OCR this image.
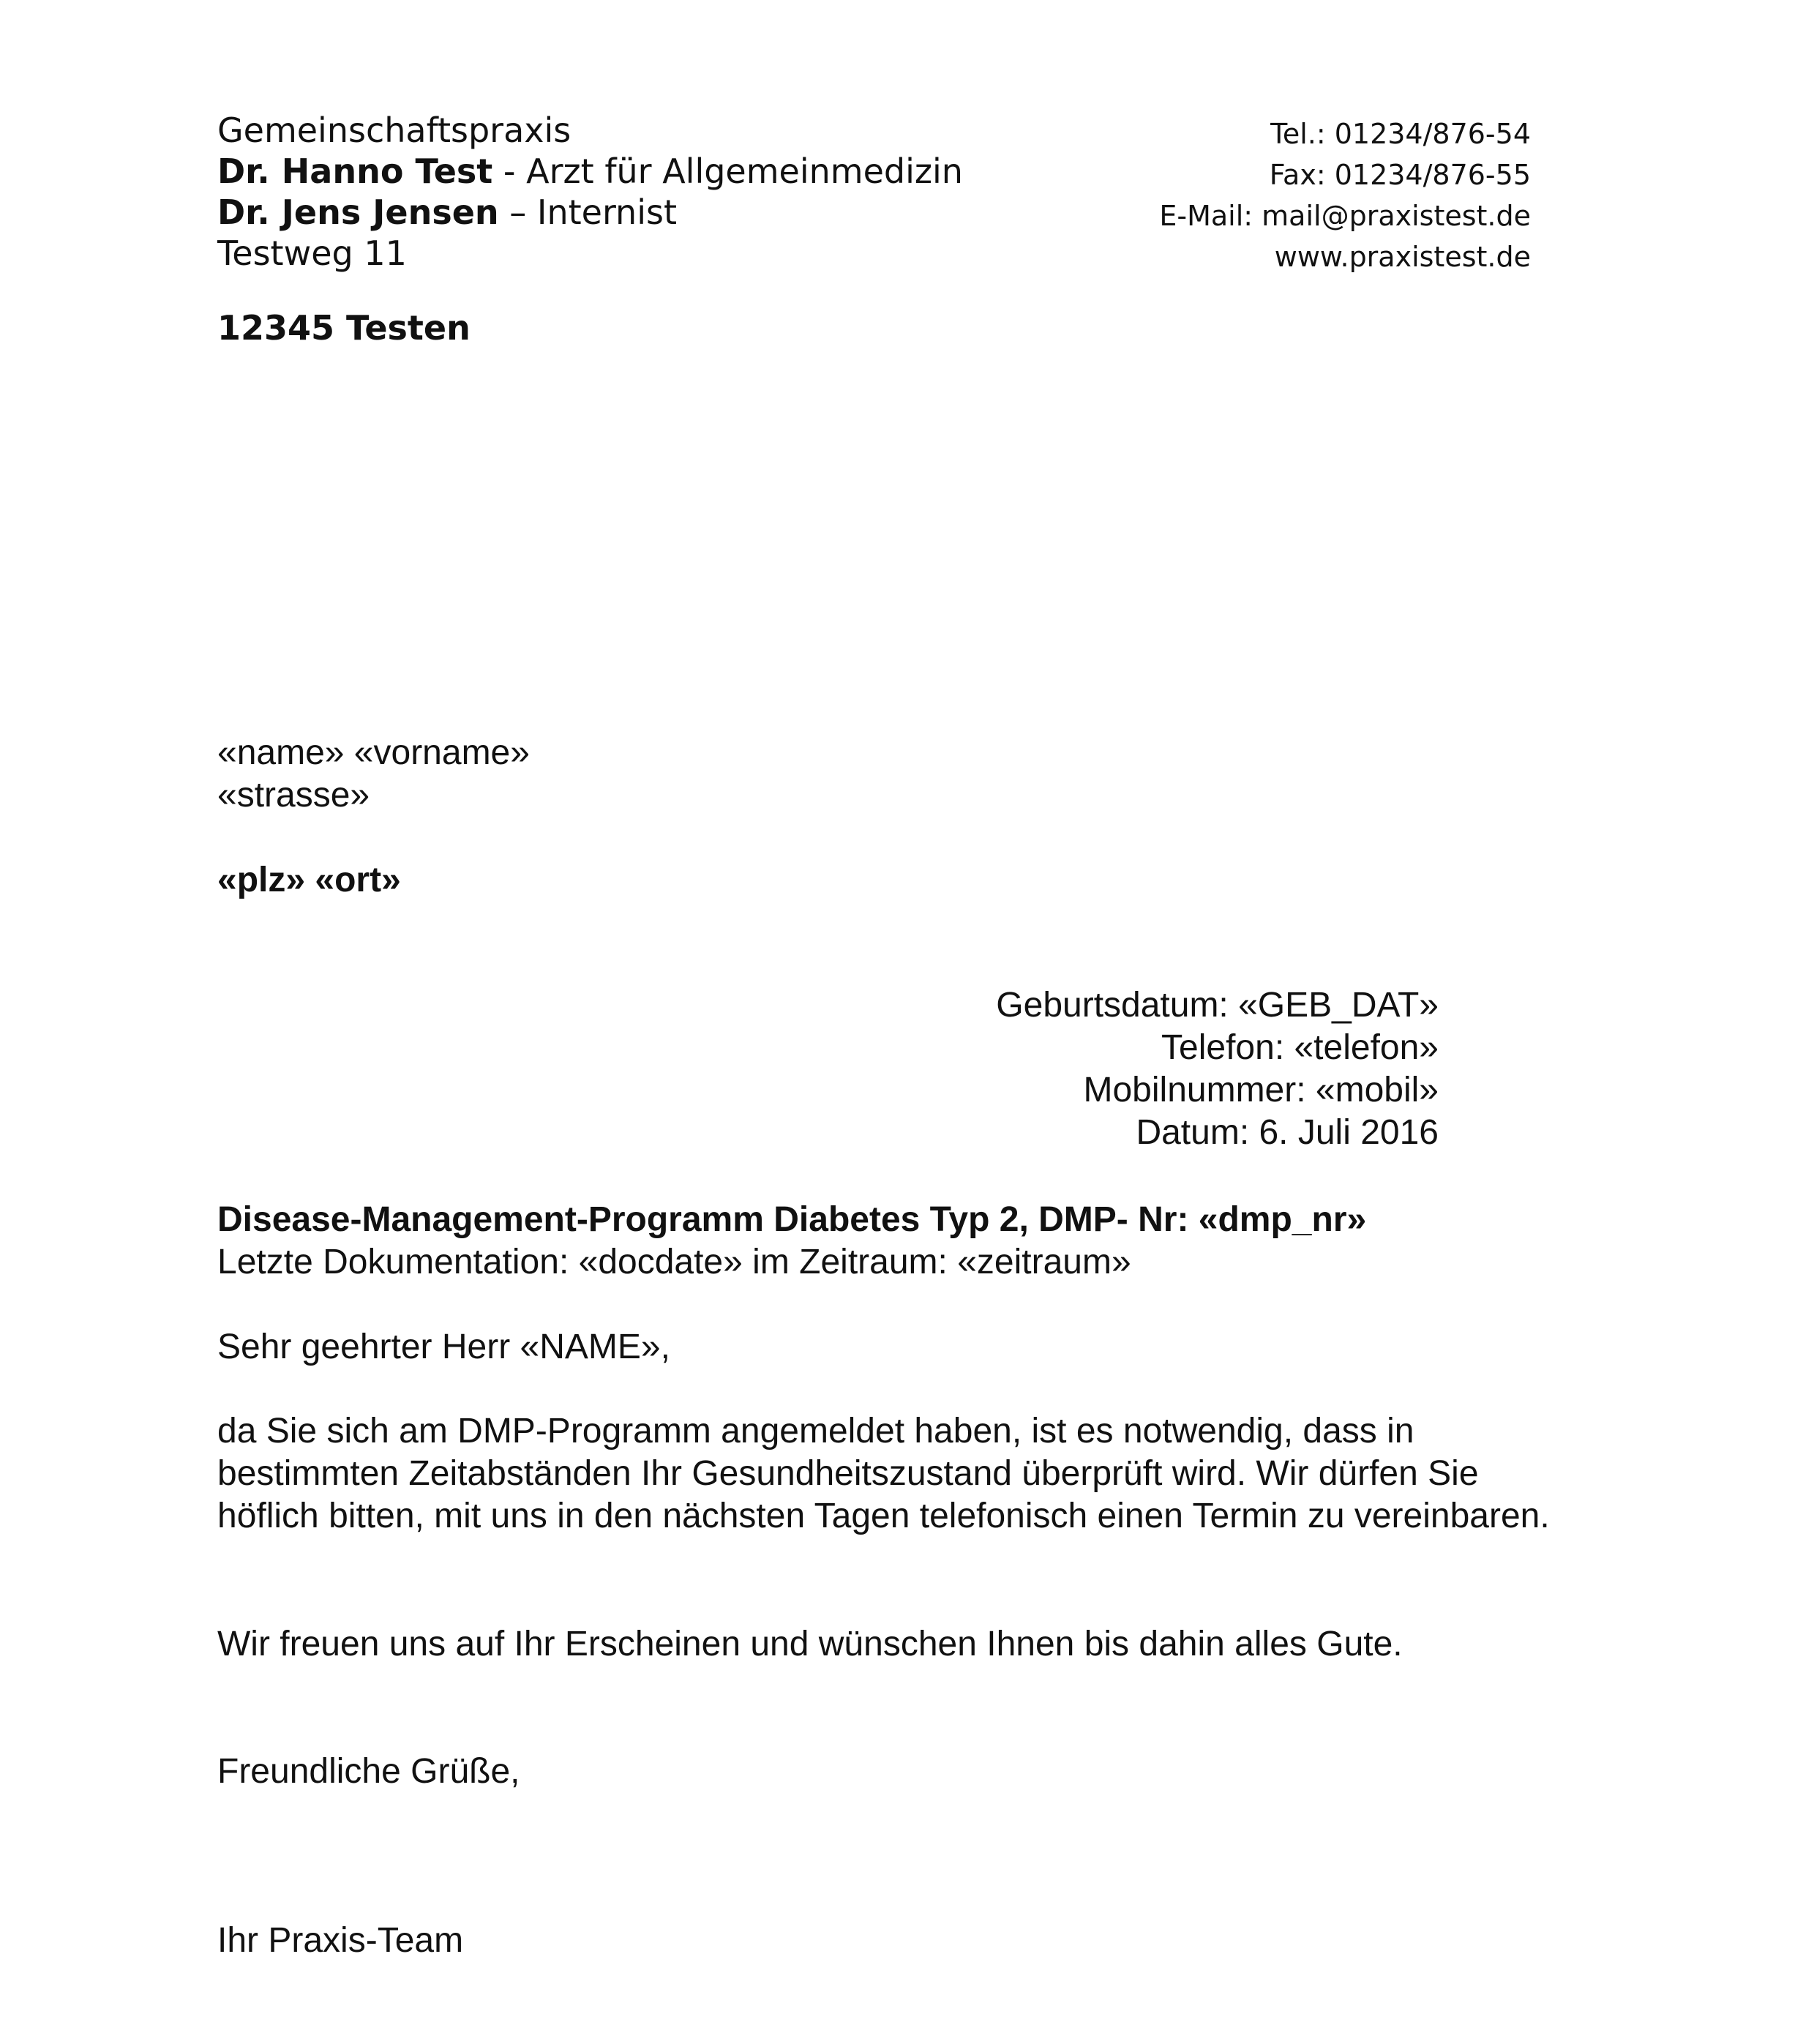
Gemeinschaftspraxis
Dr. Hanno Test - Arzt für Allgemeinmedizin
Dr. Jens Jensen – Internist
Testweg 11
12345 Testen
Tel.: 01234/876-54
Fax: 01234/876-55
E-Mail: mail@praxistest.de
www.praxistest.de
«name» «vorname»
«strasse»
«plz» «ort»
Geburtsdatum: «GEB_DAT»
Telefon: «telefon»
Mobilnummer: «mobil»
Datum: 6. Juli 2016
Disease-Management-Programm Diabetes Typ 2, DMP- Nr: «dmp_nr»
Letzte Dokumentation: «docdate» im Zeitraum: «zeitraum»
Sehr geehrter Herr «NAME»,
da Sie sich am DMP-Programm angemeldet haben, ist es notwendig, dass in bestimmten Zeitabständen Ihr Gesundheitszustand überprüft wird. Wir dürfen Sie höflich bitten, mit uns in den nächsten Tagen telefonisch einen Termin zu vereinbaren.
Wir freuen uns auf Ihr Erscheinen und wünschen Ihnen bis dahin alles Gute.
Freundliche Grüße,
Ihr Praxis-Team
